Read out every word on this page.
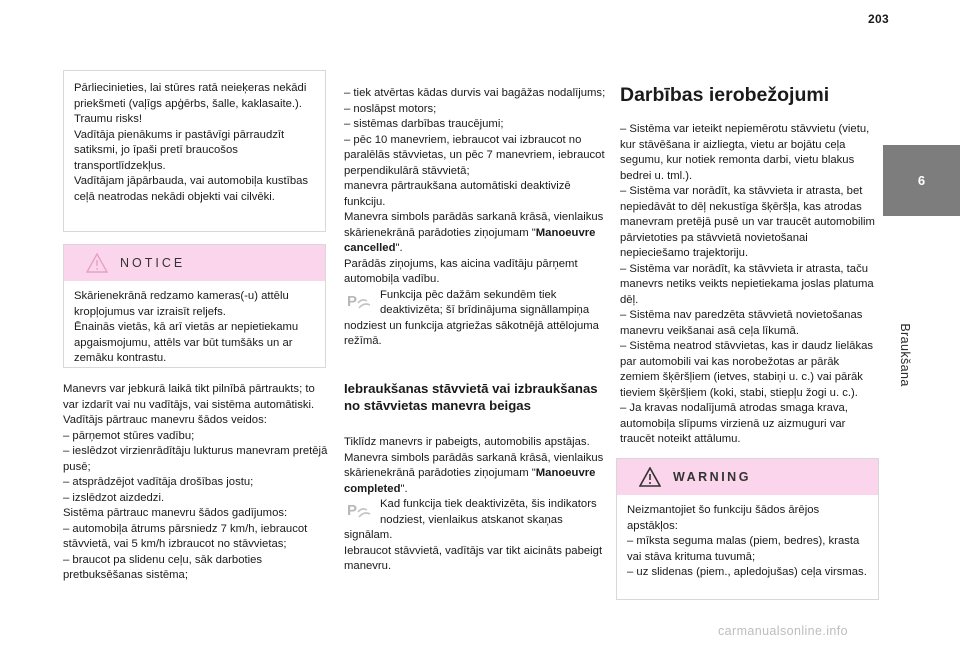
203
6
Braukšana

Pārliecinieties, lai stūres ratā neieķeras nekādi priekšmeti (vaļīgs apģērbs, šalle, kaklasaite.). Traumu risks!

Vadītāja pienākums ir pastāvīgi pārraudzīt satiksmi, jo īpaši pretī braucošos transportlīdzekļus.

Vadītājam jāpārbauda, vai automobiļa kustības ceļā neatrodas nekādi objekti vai cilvēki.

NOTICE

Skārienekrānā redzamo kameras(-u) attēlu kropļojumus var izraisīt reljefs.

Ēnainās vietās, kā arī vietās ar nepietiekamu apgaismojumu, attēls var būt tumšāks un ar zemāku kontrastu.

Manevrs var jebkurā laikā tikt pilnībā pārtraukts; to var izdarīt vai nu vadītājs, vai sistēma automātiski.

Vadītājs pārtrauc manevru šādos veidos:

– pārņemot stūres vadību;

– ieslēdzot virzienrādītāju lukturus manevram pretējā pusē;

– atsprādzējot vadītāja drošības jostu;

– izslēdzot aizdedzi.

Sistēma pārtrauc manevru šādos gadījumos:

– automobiļa ātrums pārsniedz 7 km/h, iebraucot stāvvietā, vai 5 km/h izbraucot no stāvvietas;

– braucot pa slidenu ceļu, sāk darboties pretbuksēšanas sistēma;

– tiek atvērtas kādas durvis vai bagāžas nodalījums;

– noslāpst motors;

– sistēmas darbības traucējumi;

– pēc 10 manevriem, iebraucot vai izbraucot no paralēlās stāvvietas, un pēc 7 manevriem, iebraucot perpendikulārā stāvvietā;

manevra pārtraukšana automātiski deaktivizē funkciju.

Manevra simbols parādās sarkanā krāsā, vienlaikus skārienekrānā parādoties ziņojumam "Manoeuvre cancelled".

Parādās ziņojums, kas aicina vadītāju pārņemt automobiļa vadību.

P Funkcija pēc dažām sekundēm tiek deaktivizēta; šī brīdinājuma signāllampiņa nodziest un funkcija atgriežas sākotnējā attēlojuma režīmā.

Iebraukšanas stāvvietā vai izbraukšanas no stāvvietas manevra beigas

Tiklīdz manevrs ir pabeigts, automobilis apstājas.

Manevra simbols parādās sarkanā krāsā, vienlaikus skārienekrānā parādoties ziņojumam "Manoeuvre completed".

P Kad funkcija tiek deaktivizēta, šis indikators nodziest, vienlaikus atskanot skaņas signālam.

Iebraucot stāvvietā, vadītājs var tikt aicināts pabeigt manevru.

Darbības ierobežojumi

– Sistēma var ieteikt nepiemērotu stāvvietu (vietu, kur stāvēšana ir aizliegta, vietu ar bojātu ceļa segumu, kur notiek remonta darbi, vietu blakus bedrei u. tml.).

– Sistēma var norādīt, ka stāvvieta ir atrasta, bet nepiedāvāt to dēļ nekustīga šķēršļa, kas atrodas manevram pretējā pusē un var traucēt automobilim pārvietoties pa stāvvietā novietošanai nepieciešamo trajektoriju.

– Sistēma var norādīt, ka stāvvieta ir atrasta, taču manevrs netiks veikts nepietiekama joslas platuma dēļ.

– Sistēma nav paredzēta stāvvietā novietošanas manevru veikšanai asā ceļa līkumā.

– Sistēma neatrod stāvvietas, kas ir daudz lielākas par automobili vai kas norobežotas ar pārāk zemiem šķēršļiem (ietves, stabiņi u. c.) vai pārāk tieviem šķēršļiem (koki, stabi, stiepļu žogi u. c.).

– Ja kravas nodalījumā atrodas smaga krava, automobiļa slīpums virzienā uz aizmuguri var traucēt noteikt attālumu.

WARNING

Neizmantojiet šo funkciju šādos ārējos apstākļos:

– mīksta seguma malas (piem, bedres), krasta vai stāva krituma tuvumā;

– uz slidenas (piem., apledojušas) ceļa virsmas.

carmanualsonline.info
